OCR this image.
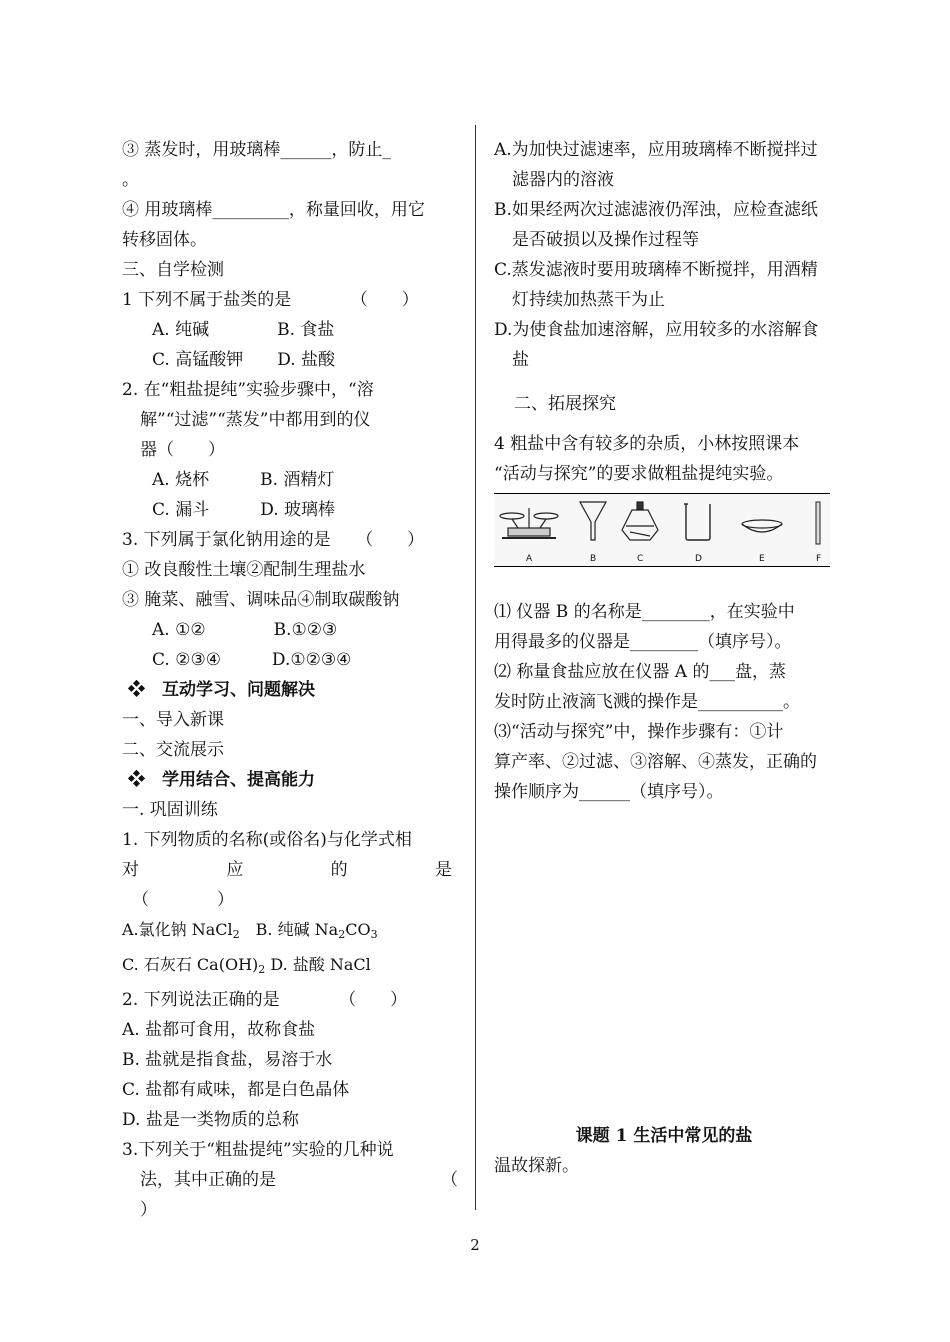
③ 蒸发时，用玻璃棒______，防止_
。
④ 用玻璃棒_________，称量回收，用它
转移固体。
三、自学检测
1 下列不属于盐类的是　　　　（　　）
A. 纯碱　　　　B. 食盐
C. 高锰酸钾　　D. 盐酸
2. 在“粗盐提纯”实验步骤中，“溶
解”“过滤”“蒸发”中都用到的仪
器（　　）
A. 烧杯　　　B. 酒精灯
C. 漏斗　　　D. 玻璃棒
3. 下列属于氯化钠用途的是　　（　　）
① 改良酸性土壤②配制生理盐水
③ 腌菜、融雪、调味品④制取碳酸钠
A. ①②　　　　B.①②③
C. ②③④　　　D.①②③④
❖　互动学习、问题解决
一、导入新课
二、交流展示
❖　学用结合、提高能力
一. 巩固训练
1. 下列物质的名称(或俗名)与化学式相
对	应	的	是
（　　　　）
A.氯化钠 NaCl$_2$　B. 纯碱 $Na_2CO_3$
C. 石灰石 $Ca(OH)_2$ D. 盐酸 NaCl
2. 下列说法正确的是　　　　（　　）
A. 盐都可食用，故称食盐
B. 盐就是指食盐，易溶于水
C. 盐都有咸味，都是白色晶体
D. 盐是一类物质的总称
3.下列关于“粗盐提纯”实验的几种说
法，其中正确的是	（
）
A.为加快过滤速率，应用玻璃棒不断搅拌过滤器内的溶液
B.如果经两次过滤滤液仍浑浊，应检查滤纸是否破损以及操作过程等
C.蒸发滤液时要用玻璃棒不断搅拌，用酒精灯持续加热蒸干为止
D.为使食盐加速溶解，应用较多的水溶解食盐
二、拓展探究
4 粗盐中含有较多的杂质，小林按照课本
“活动与探究”的要求做粗盐提纯实验。
A	B	C	D	E	F
⑴ 仪器 B 的名称是________，在实验中
用得最多的仪器是________（填序号）。
⑵ 称量食盐应放在仪器 A 的___盘，蒸
发时防止液滴飞溅的操作是__________。
⑶“活动与探究”中，操作步骤有：①计
算产率、②过滤、③溶解、④蒸发，正确的
操作顺序为______（填序号）。
课题 1 生活中常见的盐
温故探新。
2
